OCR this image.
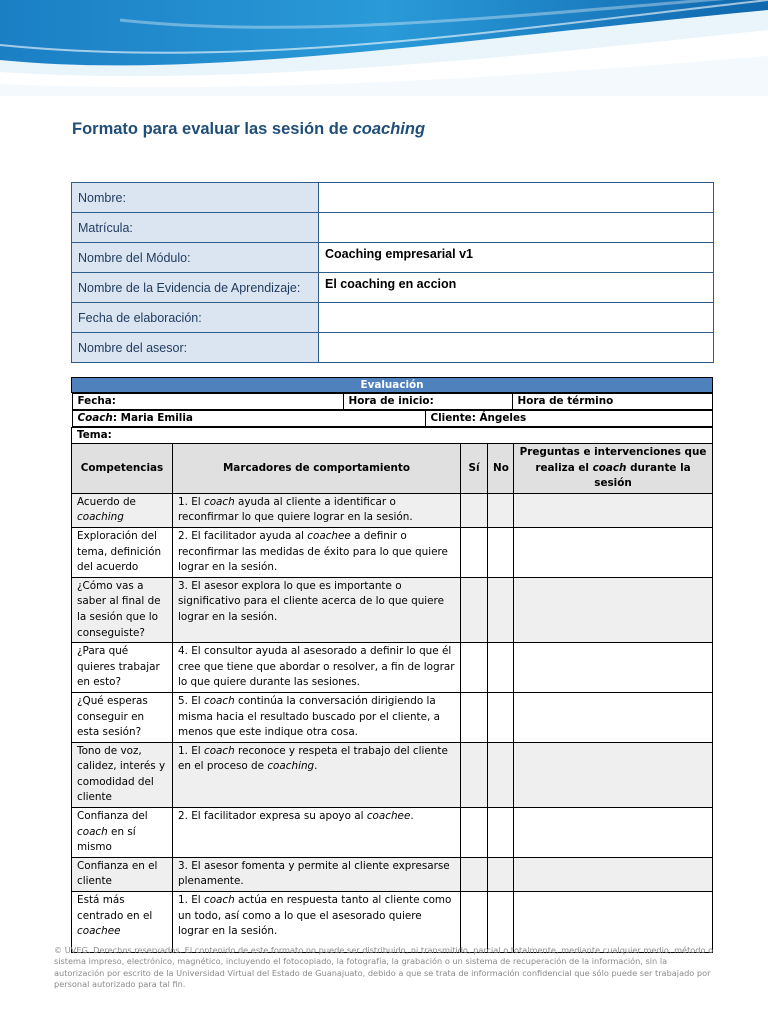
Formato para evaluar las sesión de coaching
Nombre:	
Matrícula:	
Nombre del Módulo:	Coaching empresarial v1
Nombre de la Evidencia de Aprendizaje:	El coaching en accion
Fecha de elaboración:	
Nombre del asesor:	
Evaluación

Fecha:	Hora de inicio:	Hora de término

Coach: Maria Emilia	Cliente: Ángeles

Tema:
Competencias	Marcadores de comportamiento	Sí	No	Preguntas e intervenciones que realiza el coach durante la sesión
Acuerdo de coaching	1. El coach ayuda al cliente a identificar o reconfirmar lo que quiere lograr en la sesión.			
Exploración del tema, definición del acuerdo	2. El facilitador ayuda al coachee a definir o reconfirmar las medidas de éxito para lo que quiere lograr en la sesión.			
¿Cómo vas a saber al final de la sesión que lo conseguiste?	3. El asesor explora lo que es importante o significativo para el cliente acerca de lo que quiere lograr en la sesión.			
¿Para qué quieres trabajar en esto?	4. El consultor ayuda al asesorado a definir lo que él cree que tiene que abordar o resolver, a fin de lograr lo que quiere durante las sesiones.			
¿Qué esperas conseguir en esta sesión?	5. El coach continúa la conversación dirigiendo la misma hacia el resultado buscado por el cliente, a menos que este indique otra cosa.			
Tono de voz, calidez, interés y comodidad del cliente	1. El coach reconoce y respeta el trabajo del cliente en el proceso de coaching.			
Confianza del coach en sí mismo	2. El facilitador expresa su apoyo al coachee.			
Confianza en el cliente	3. El asesor fomenta y permite al cliente expresarse plenamente.			
Está más centrado en el coachee	1. El coach actúa en respuesta tanto al cliente como un todo, así como a lo que el asesorado quiere lograr en la sesión.			

© UVEG. Derechos reservados. El contenido de este formato no puede ser distribuido, ni transmitido, parcial o totalmente, mediante cualquier medio, método o sistema impreso, electrónico, magnético, incluyendo el fotocopiado, la fotografía, la grabación o un sistema de recuperación de la información, sin la autorización por escrito de la Universidad Virtual del Estado de Guanajuato, debido a que se trata de información confidencial que sólo puede ser trabajado por personal autorizado para tal fin.
